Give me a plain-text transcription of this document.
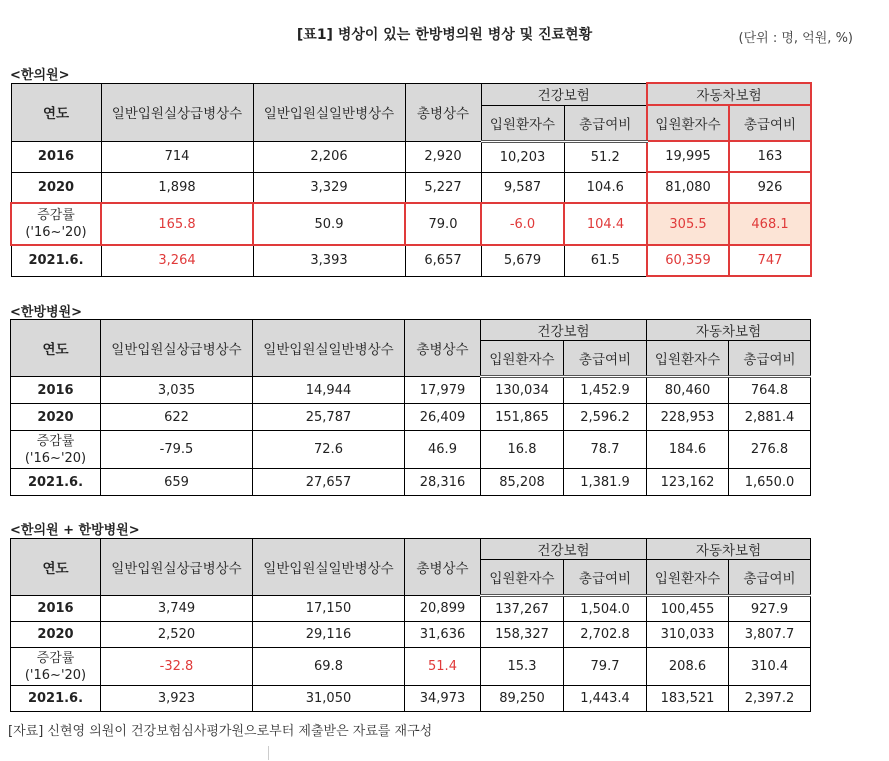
[표1] 병상이 있는 한방병의원 병상 및 진료현황	(단위 : 명, 억원, %)
<한의원>
연도	일반입원실상급병상수	일반입원실일반병상수	총병상수	건강보험		자동차보험	
				입원환자수	총급여비	입원환자수	총급여비
2016	714	2,206	2,920	10,203	51.2	19,995	163
2020	1,898	3,329	5,227	9,587	104.6	81,080	926
증감률
('16~'20)	165.8	50.9	79.0	-6.0	104.4	305.5	468.1
2021.6.	3,264	3,393	6,657	5,679	61.5	60,359	747
<한방병원>
연도	일반입원실상급병상수	일반입원실일반병상수	총병상수	건강보험		자동차보험	
				입원환자수	총급여비	입원환자수	총급여비
2016	3,035	14,944	17,979	130,034	1,452.9	80,460	764.8
2020	622	25,787	26,409	151,865	2,596.2	228,953	2,881.4
증감률
('16~'20)	-79.5	72.6	46.9	16.8	78.7	184.6	276.8
2021.6.	659	27,657	28,316	85,208	1,381.9	123,162	1,650.0
<한의원 + 한방병원>
연도	일반입원실상급병상수	일반입원실일반병상수	총병상수	건강보험		자동차보험	
				입원환자수	총급여비	입원환자수	총급여비
2016	3,749	17,150	20,899	137,267	1,504.0	100,455	927.9
2020	2,520	29,116	31,636	158,327	2,702.8	310,033	3,807.7
증감률
('16~'20)	-32.8	69.8	51.4	15.3	79.7	208.6	310.4
2021.6.	3,923	31,050	34,973	89,250	1,443.4	183,521	2,397.2
[자료] 신현영 의원이 건강보험심사평가원으로부터 제출받은 자료를 재구성
